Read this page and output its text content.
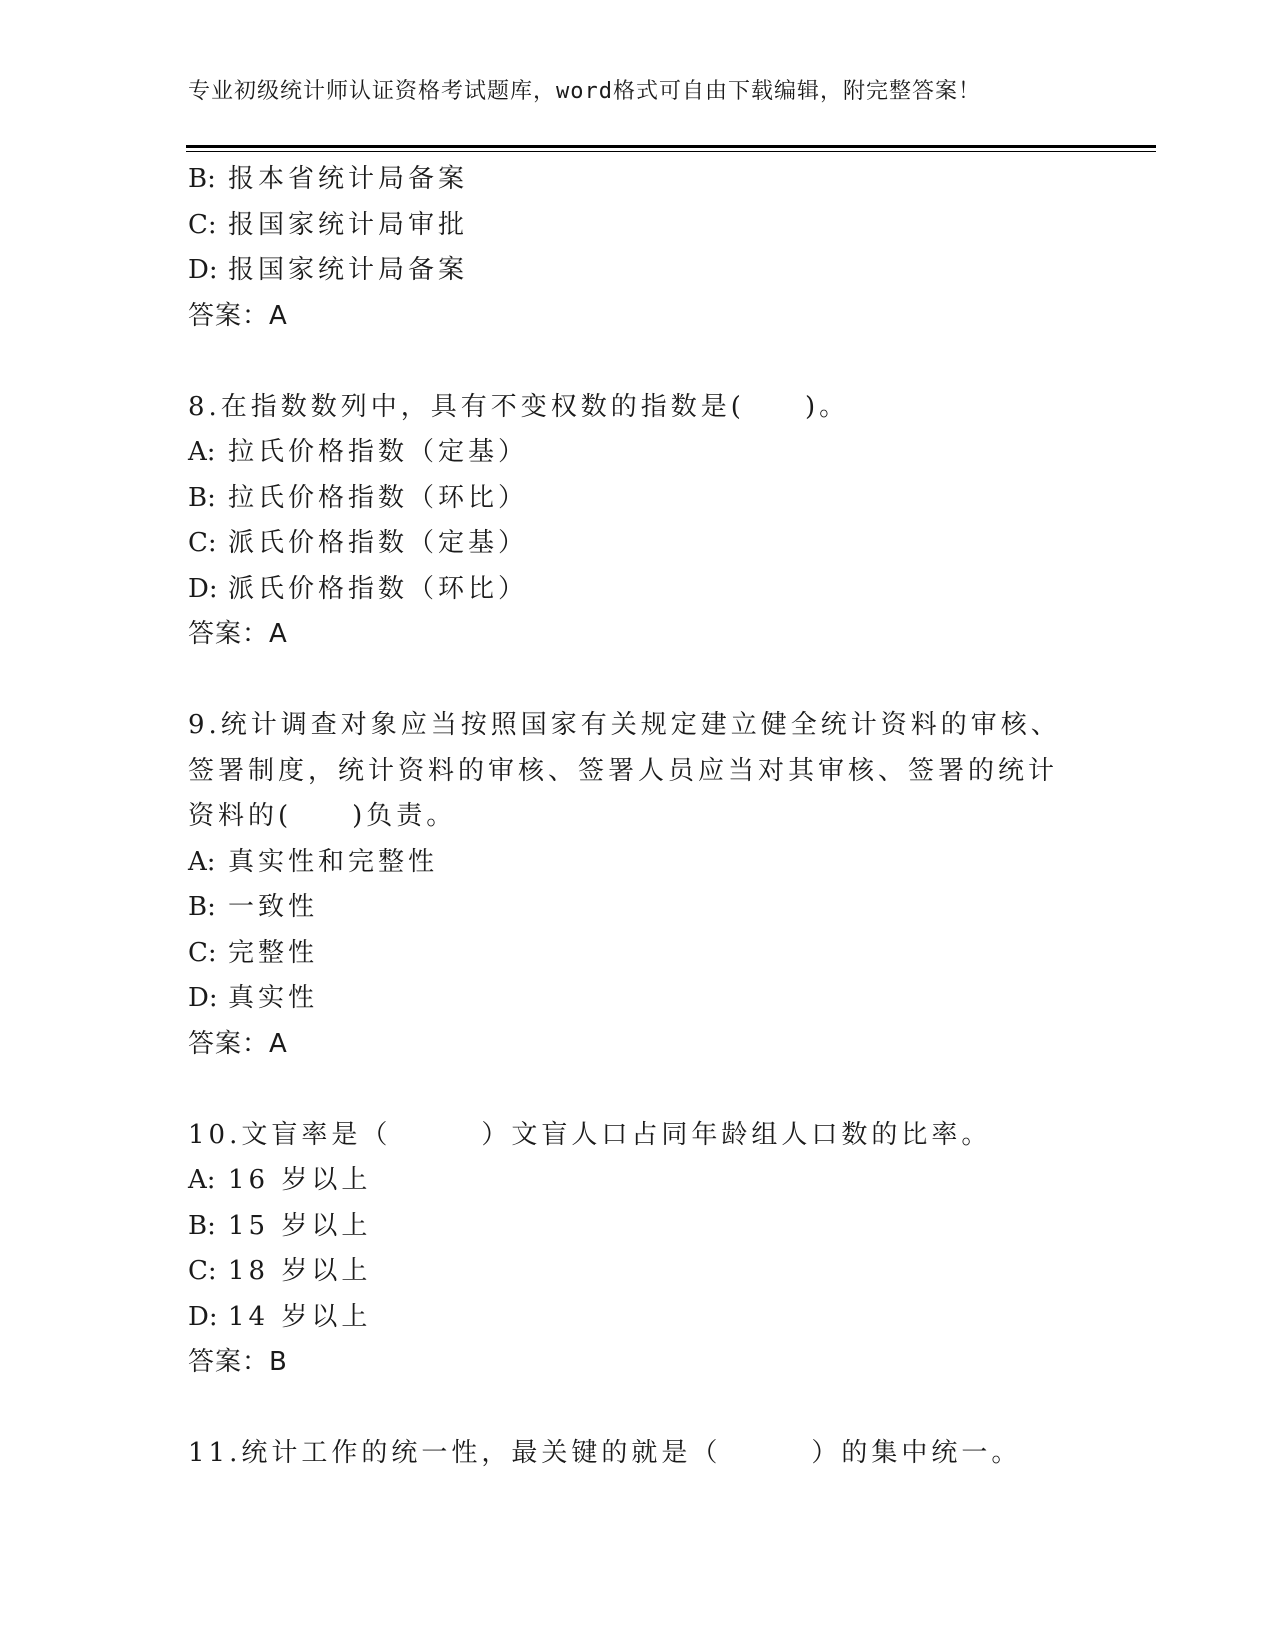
专业初级统计师认证资格考试题库，word格式可自由下载编辑，附完整答案！
B: 报本省统计局备案
C: 报国家统计局审批
D: 报国家统计局备案
答案：A
8.在指数数列中，具有不变权数的指数是(　　)。
A: 拉氏价格指数（定基）
B: 拉氏价格指数（环比）
C: 派氏价格指数（定基）
D: 派氏价格指数（环比）
答案：A
9.统计调查对象应当按照国家有关规定建立健全统计资料的审核、签署制度，统计资料的审核、签署人员应当对其审核、签署的统计资料的(　　)负责。
A: 真实性和完整性
B: 一致性
C: 完整性
D: 真实性
答案：A
10.文盲率是（　　　）文盲人口占同年龄组人口数的比率。
A: 16 岁以上
B: 15 岁以上
C: 18 岁以上
D: 14 岁以上
答案：B
11.统计工作的统一性，最关键的就是（　　　）的集中统一。
